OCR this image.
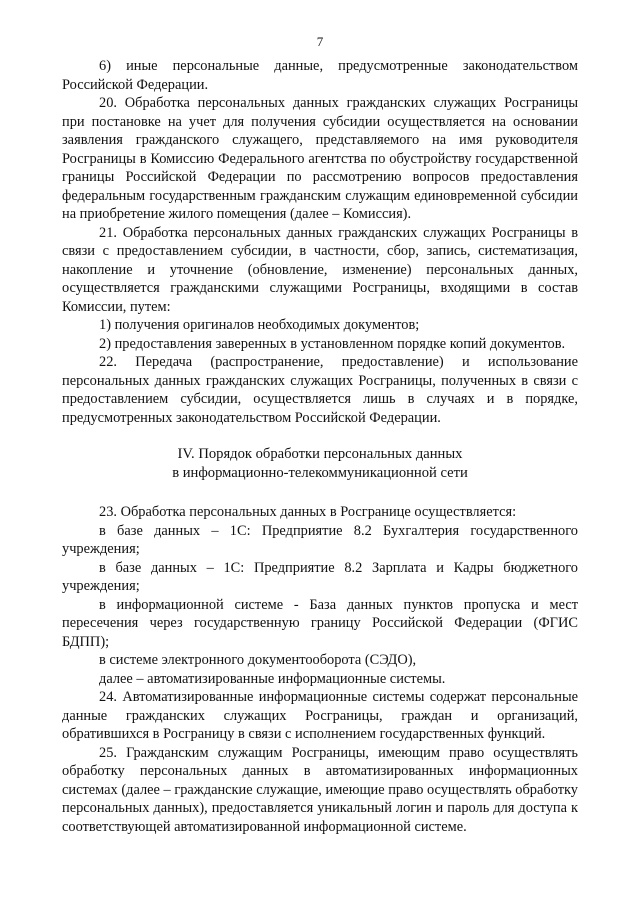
7

6) иные персональные данные, предусмотренные законодательством Российской Федерации.

20. Обработка персональных данных гражданских служащих Росграницы при постановке на учет для получения субсидии осуществляется на основании заявления гражданского служащего, представляемого на имя руководителя Росграницы в Комиссию Федерального агентства по обустройству государственной границы Российской Федерации по рассмотрению вопросов предоставления федеральным государственным гражданским служащим единовременной субсидии на приобретение жилого помещения (далее – Комиссия).

21. Обработка персональных данных гражданских служащих Росграницы в связи с предоставлением субсидии, в частности, сбор, запись, систематизация, накопление и уточнение (обновление, изменение) персональных данных, осуществляется гражданскими служащими Росграницы, входящими в состав Комиссии, путем:

1) получения оригиналов необходимых документов;

2) предоставления заверенных в установленном порядке копий документов.

22. Передача (распространение, предоставление) и использование персональных данных гражданских служащих Росграницы, полученных в связи с предоставлением субсидии, осуществляется лишь в случаях и в порядке, предусмотренных законодательством Российской Федерации.

IV. Порядок обработки персональных данных
в информационно-телекоммуникационной сети

23. Обработка персональных данных в Росгранице осуществляется:

в базе данных – 1С: Предприятие 8.2 Бухгалтерия государственного учреждения;

в базе данных – 1С: Предприятие 8.2 Зарплата и Кадры бюджетного учреждения;

в информационной системе - База данных пунктов пропуска и мест пересечения через государственную границу Российской Федерации (ФГИС БДПП);

в системе электронного документооборота (СЭДО),

далее – автоматизированные информационные системы.

24. Автоматизированные информационные системы содержат персональные данные гражданских служащих Росграницы, граждан и организаций, обратившихся в Росграницу в связи с исполнением государственных функций.

25. Гражданским служащим Росграницы, имеющим право осуществлять обработку персональных данных в автоматизированных информационных системах (далее – гражданские служащие, имеющие право осуществлять обработку персональных данных), предоставляется уникальный логин и пароль для доступа к соответствующей автоматизированной информационной системе.
